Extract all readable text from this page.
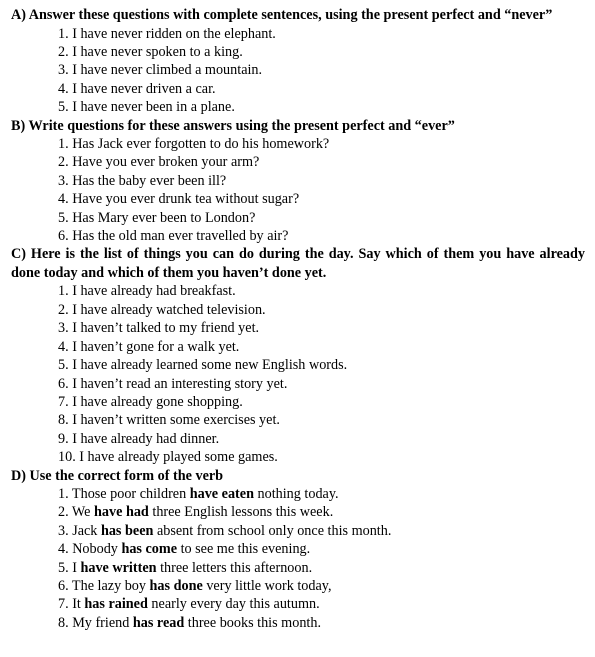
A) Answer these questions with complete sentences, using the present perfect and “never”

1. I have never ridden on the elephant.
2. I have never spoken to a king.
3. I have never climbed a mountain.
4. I have never driven a car.
5. I have never been in a plane.

B) Write questions for these answers using the present perfect and “ever”

1. Has Jack ever forgotten to do his homework?
2. Have you ever broken your arm?
3. Has the baby ever been ill?
4. Have you ever drunk tea without sugar?
5. Has Mary ever been to London?
6. Has the old man ever travelled by air?

C) Here is the list of things you can do during the day. Say which of them you have already done today and which of them you haven’t done yet.

1. I have already had breakfast.
2. I have already watched television.
3. I haven’t talked to my friend yet.
4. I haven’t gone for a walk yet.
5. I have already learned some new English words.
6. I haven’t read an interesting story yet.
7. I have already gone shopping.
8. I haven’t written some exercises yet.
9. I have already had dinner.
10. I have already played some games.

D) Use the correct form of the verb

1. Those poor children have eaten nothing today.
2. We have had three English lessons this week.
3. Jack has been absent from school only once this month.
4. Nobody has come to see me this evening.
5. I have written three letters this afternoon.
6. The lazy boy has done very little work today,
7. It has rained nearly every day this autumn.
8. My friend has read three books this month.
